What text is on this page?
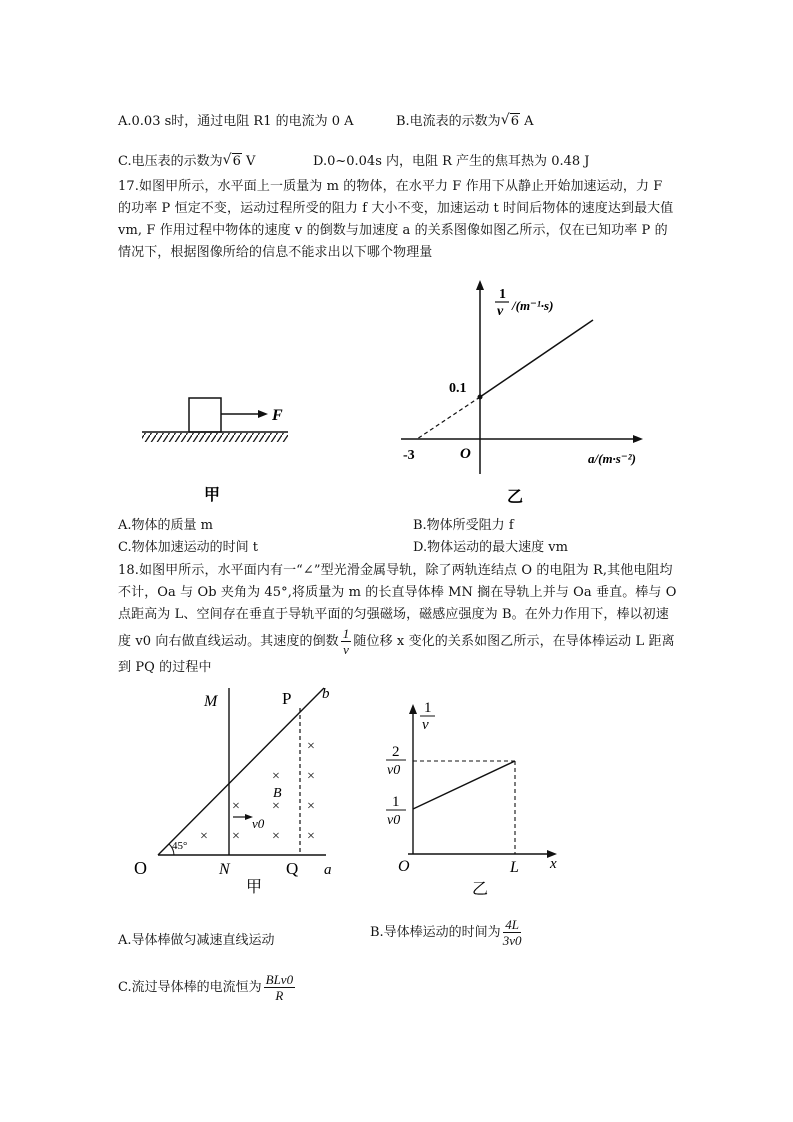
A.0.03 s时，通过电阻 R1 的电流为 0 A	B.电流表的示数为 √ 6 A
C.电压表的示数为 √ 6 V	D.0~0.04s 内，电阻 R 产生的焦耳热为 0.48 J
17.如图甲所示，水平面上一质量为 m 的物体，在水平力 F 作用下从静止开始加速运动，力 F 的功率 P 恒定不变，运动过程所受的阻力 f 大小不变，加速运动 t 时间后物体的速度达到最大值 vm, F 作用过程中物体的速度 v 的倒数与加速度 a 的关系图像如图乙所示，仅在已知功率 P 的情况下，根据图像所给的信息不能求出以下哪个物理量
F
甲
1
v /(m⁻¹·s)
0.1
-3	O	a/(m·s⁻²)
乙
A.物体的质量 m	B.物体所受阻力 f
C.物体加速运动的时间 t	D.物体运动的最大速度 vm
18.如图甲所示，水平面内有一“∠”型光滑金属导轨，除了两轨连结点 O 的电阻为 R,其他电阻均不计，Oa 与 Ob 夹角为 45°,将质量为 m 的长直导体棒 MN 搁在导轨上并与 Oa 垂直。棒与 O 点距高为 L、空间存在垂直于导轨平面的匀强磁场，磁感应强度为 B。在外力作用下，棒以初速度 v0 向右做直线运动。其速度的倒数 $\frac{1}{v}$ 随位移 x 变化的关系如图乙所示，在导体棒运动 L 距离到 PQ 的过程中
45°
×
×
×
×
×
×
×
×
×
×
B
v0
M	P b
O	N	Q a
甲
1
v
2
v0
1
v0
O	L x
乙
A.导体棒做匀减速直线运动
B.导体棒运动的时间为 $\frac{4L}{3v0}$
C.流过导体棒的电流恒为 $\frac{\text{BLv0}}{R}$
